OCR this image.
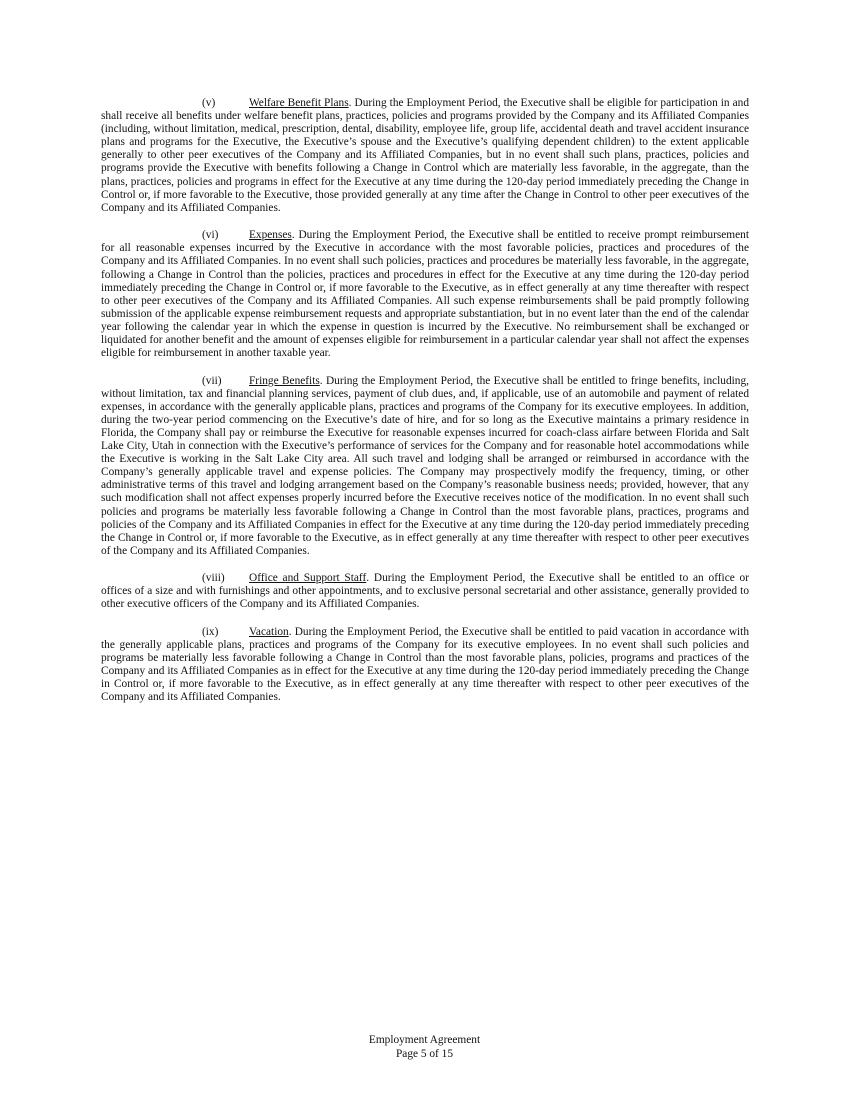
(v)	Welfare Benefit Plans. During the Employment Period, the Executive shall be eligible for participation in and shall receive all benefits under welfare benefit plans, practices, policies and programs provided by the Company and its Affiliated Companies (including, without limitation, medical, prescription, dental, disability, employee life, group life, accidental death and travel accident insurance plans and programs for the Executive, the Executive’s spouse and the Executive’s qualifying dependent children) to the extent applicable generally to other peer executives of the Company and its Affiliated Companies, but in no event shall such plans, practices, policies and programs provide the Executive with benefits following a Change in Control which are materially less favorable, in the aggregate, than the plans, practices, policies and programs in effect for the Executive at any time during the 120-day period immediately preceding the Change in Control or, if more favorable to the Executive, those provided generally at any time after the Change in Control to other peer executives of the Company and its Affiliated Companies.

(vi)	Expenses. During the Employment Period, the Executive shall be entitled to receive prompt reimbursement for all reasonable expenses incurred by the Executive in accordance with the most favorable policies, practices and procedures of the Company and its Affiliated Companies. In no event shall such policies, practices and procedures be materially less favorable, in the aggregate, following a Change in Control than the policies, practices and procedures in effect for the Executive at any time during the 120-day period immediately preceding the Change in Control or, if more favorable to the Executive, as in effect generally at any time thereafter with respect to other peer executives of the Company and its Affiliated Companies. All such expense reimbursements shall be paid promptly following submission of the applicable expense reimbursement requests and appropriate substantiation, but in no event later than the end of the calendar year following the calendar year in which the expense in question is incurred by the Executive. No reimbursement shall be exchanged or liquidated for another benefit and the amount of expenses eligible for reimbursement in a particular calendar year shall not affect the expenses eligible for reimbursement in another taxable year.

(vii) Fringe Benefits. During the Employment Period, the Executive shall be entitled to fringe benefits, including, without limitation, tax and financial planning services, payment of club dues, and, if applicable, use of an automobile and payment of related expenses, in accordance with the generally applicable plans, practices and programs of the Company for its executive employees. In addition, during the two-year period commencing on the Executive’s date of hire, and for so long as the Executive maintains a primary residence in Florida, the Company shall pay or reimburse the Executive for reasonable expenses incurred for coach-class airfare between Florida and Salt Lake City, Utah in connection with the Executive’s performance of services for the Company and for reasonable hotel accommodations while the Executive is working in the Salt Lake City area. All such travel and lodging shall be arranged or reimbursed in accordance with the Company’s generally applicable travel and expense policies. The Company may prospectively modify the frequency, timing, or other administrative terms of this travel and lodging arrangement based on the Company’s reasonable business needs; provided, however, that any such modification shall not affect expenses properly incurred before the Executive receives notice of the modification. In no event shall such policies and programs be materially less favorable following a Change in Control than the most favorable plans, practices, programs and policies of the Company and its Affiliated Companies in effect for the Executive at any time during the 120-day period immediately preceding the Change in Control or, if more favorable to the Executive, as in effect generally at any time thereafter with respect to other peer executives of the Company and its Affiliated Companies.

(viii) Office and Support Staff. During the Employment Period, the Executive shall be entitled to an office or offices of a size and with furnishings and other appointments, and to exclusive personal secretarial and other assistance, generally provided to other executive officers of the Company and its Affiliated Companies.

(ix)	Vacation. During the Employment Period, the Executive shall be entitled to paid vacation in accordance with the generally applicable plans, practices and programs of the Company for its executive employees. In no event shall such policies and programs be materially less favorable following a Change in Control than the most favorable plans, policies, programs and practices of the Company and its Affiliated Companies as in effect for the Executive at any time during the 120-day period immediately preceding the Change in Control or, if more favorable to the Executive, as in effect generally at any time thereafter with respect to other peer executives of the Company and its Affiliated Companies.

Employment Agreement
Page 5 of 15
